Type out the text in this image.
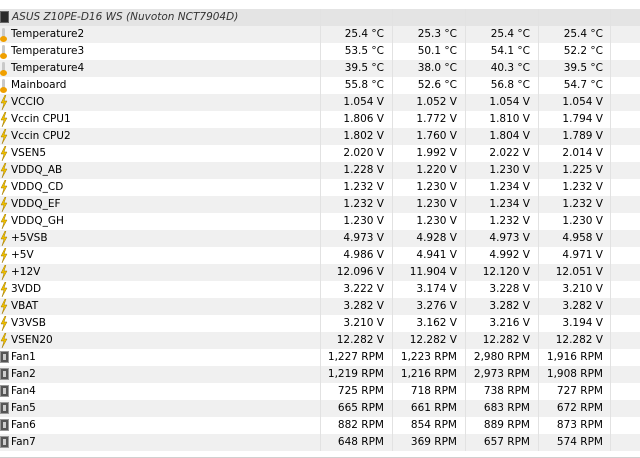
ASUS Z10PE-D16 WS (Nuvoton NCT7904D)
Temperature2	25.4 °C	25.3 °C	25.4 °C	25.4 °C
Temperature3	53.5 °C	50.1 °C	54.1 °C	52.2 °C
Temperature4	39.5 °C	38.0 °C	40.3 °C	39.5 °C
Mainboard	55.8 °C	52.6 °C	56.8 °C	54.7 °C
VCCIO	1.054 V	1.052 V	1.054 V	1.054 V
Vccin CPU1	1.806 V	1.772 V	1.810 V	1.794 V
Vccin CPU2	1.802 V	1.760 V	1.804 V	1.789 V
VSEN5	2.020 V	1.992 V	2.022 V	2.014 V
VDDQ_AB	1.228 V	1.220 V	1.230 V	1.225 V
VDDQ_CD	1.232 V	1.230 V	1.234 V	1.232 V
VDDQ_EF	1.232 V	1.230 V	1.234 V	1.232 V
VDDQ_GH	1.230 V	1.230 V	1.232 V	1.230 V
+5VSB	4.973 V	4.928 V	4.973 V	4.958 V
+5V	4.986 V	4.941 V	4.992 V	4.971 V
+12V	12.096 V 11.904 V 12.120 V 12.051 V
3VDD	3.222 V	3.174 V	3.228 V	3.210 V
VBAT	3.282 V	3.276 V	3.282 V	3.282 V
V3VSB	3.210 V	3.162 V	3.216 V	3.194 V
VSEN20	12.282 V 12.282 V 12.282 V 12.282 V
Fan1	1,227 RPM 1,223 RPM 2,980 RPM 1,916 RPM
Fan2	1,219 RPM 1,216 RPM 2,973 RPM 1,908 RPM
Fan4	725 RPM	718 RPM	738 RPM	727 RPM
Fan5	665 RPM	661 RPM	683 RPM	672 RPM
Fan6	882 RPM	854 RPM	889 RPM	873 RPM
Fan7	648 RPM	369 RPM	657 RPM	574 RPM
